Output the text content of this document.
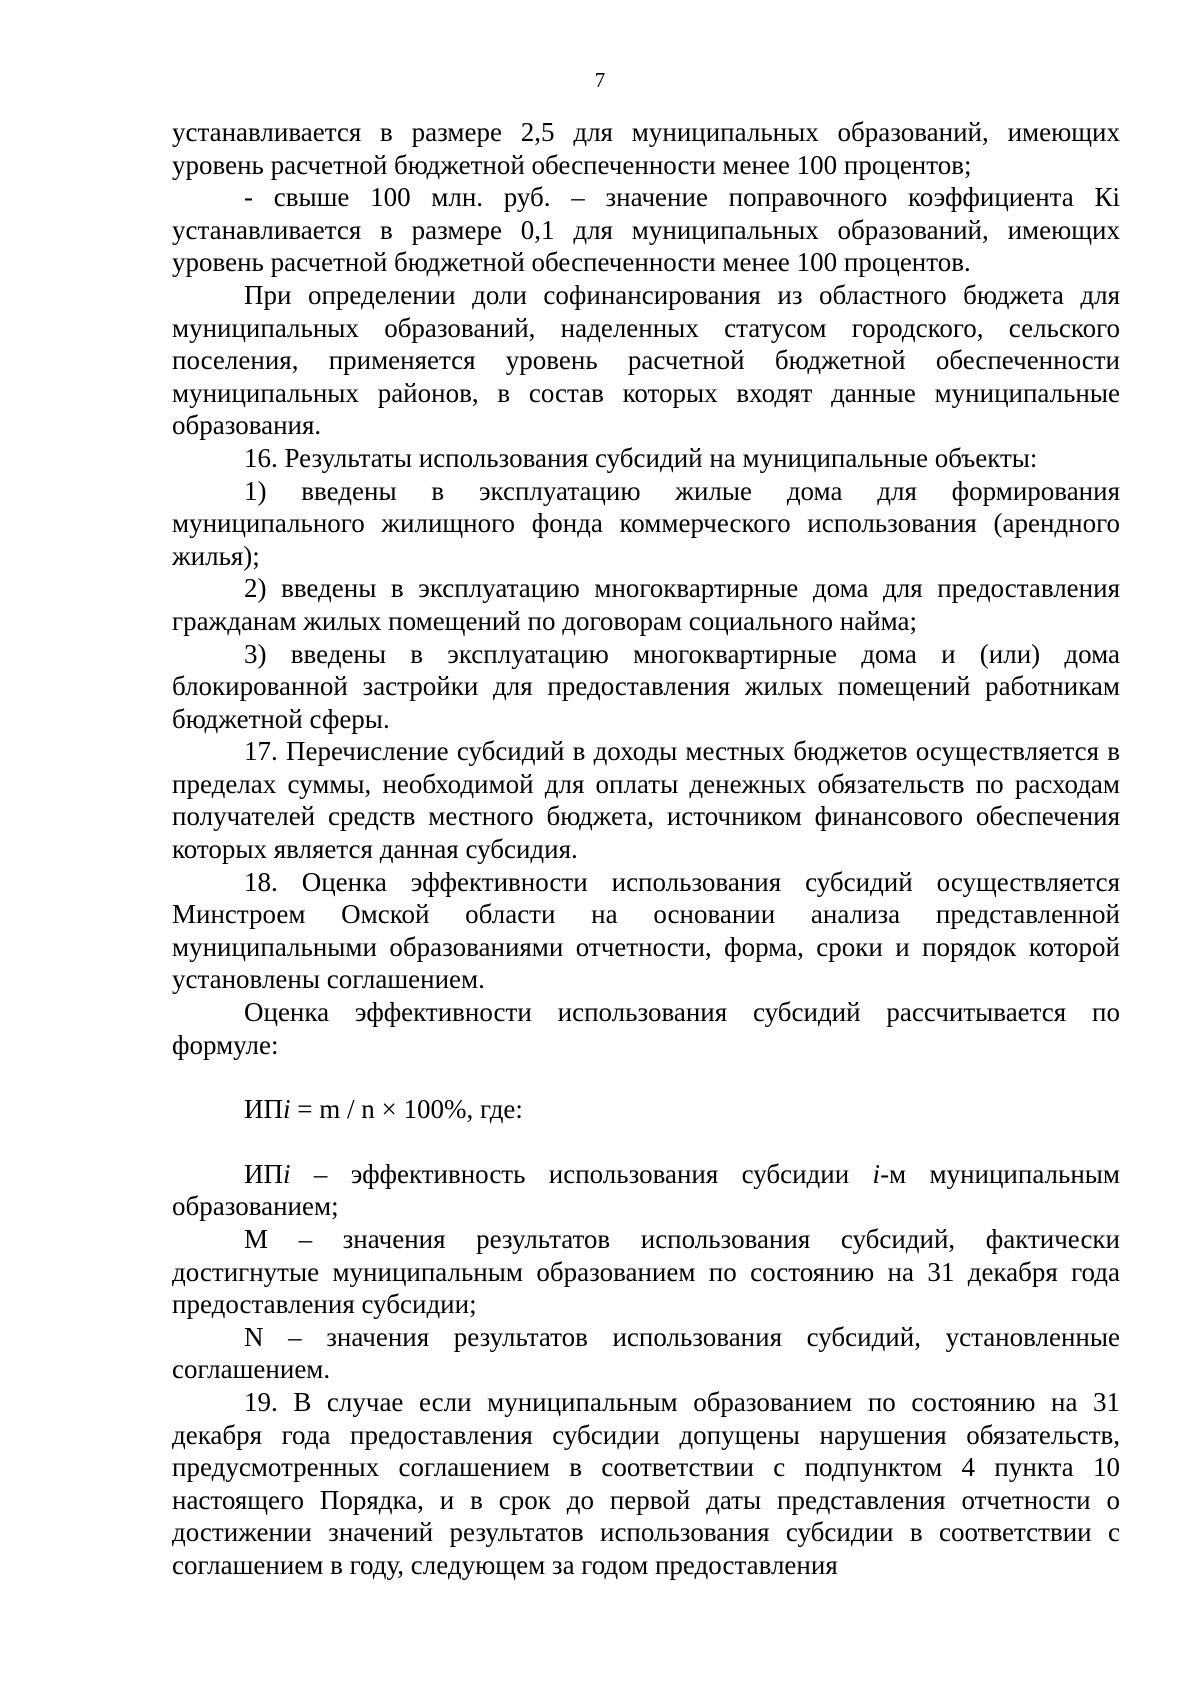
7

устанавливается в размере 2,5 для муниципальных образований, имеющих уровень расчетной бюджетной обеспеченности менее 100 процентов;

- свыше 100 млн. руб. – значение поправочного коэффициента Кi устанавливается в размере 0,1 для муниципальных образований, имеющих уровень расчетной бюджетной обеспеченности менее 100 процентов.

При определении доли софинансирования из областного бюджета для муниципальных образований, наделенных статусом городского, сельского поселения, применяется уровень расчетной бюджетной обеспеченности муниципальных районов, в состав которых входят данные муниципальные образования.

16. Результаты использования субсидий на муниципальные объекты:

1) введены в эксплуатацию жилые дома для формирования муниципального жилищного фонда коммерческого использования (арендного жилья);

2) введены в эксплуатацию многоквартирные дома для предоставления гражданам жилых помещений по договорам социального найма;

3) введены в эксплуатацию многоквартирные дома и (или) дома блокированной застройки для предоставления жилых помещений работникам бюджетной сферы.

17. Перечисление субсидий в доходы местных бюджетов осуществляется в пределах суммы, необходимой для оплаты денежных обязательств по расходам получателей средств местного бюджета, источником финансового обеспечения которых является данная субсидия.

18. Оценка эффективности использования субсидий осуществляется Минстроем Омской области на основании анализа представленной муниципальными образованиями отчетности, форма, сроки и порядок которой установлены соглашением.

Оценка эффективности использования субсидий рассчитывается по формуле:

ИПi = m / n × 100%, где:

ИПi – эффективность использования субсидии i-м муниципальным образованием;

M – значения результатов использования субсидий, фактически достигнутые муниципальным образованием по состоянию на 31 декабря года предоставления субсидии;

N – значения результатов использования субсидий, установленные соглашением.

19. В случае если муниципальным образованием по состоянию на 31 декабря года предоставления субсидии допущены нарушения обязательств, предусмотренных соглашением в соответствии с подпунктом 4 пункта 10 настоящего Порядка, и в срок до первой даты представления отчетности о достижении значений результатов использования субсидии в соответствии с соглашением в году, следующем за годом предоставления
